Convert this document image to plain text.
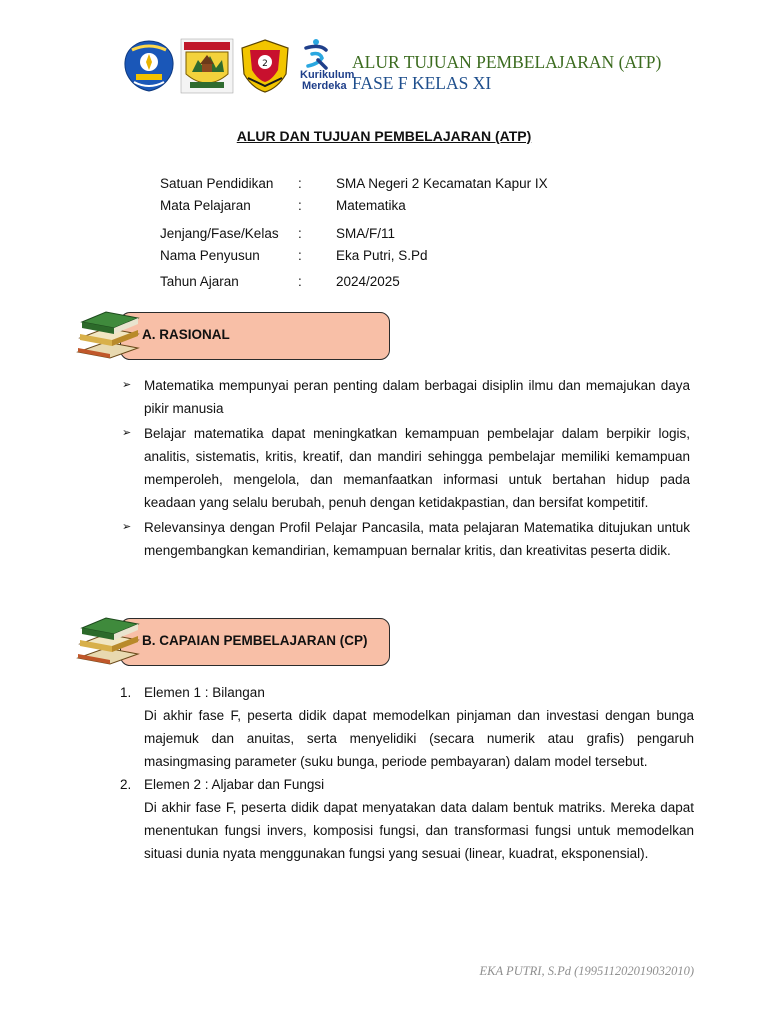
2
Kurikulum
Merdeka
ALUR TUJUAN PEMBELAJARAN (ATP)
FASE F KELAS XI
ALUR DAN TUJUAN PEMBELAJARAN (ATP)
Satuan Pendidikan :	SMA Negeri 2 Kecamatan Kapur IX
Mata Pelajaran	:	Matematika
Jenjang/Fase/Kelas :	SMA/F/11
Nama Penyusun	:	Eka Putri, S.Pd
Tahun Ajaran	:	2024/2025
A. RASIONAL
➢ Matematika mempunyai peran penting dalam berbagai disiplin ilmu dan memajukan daya pikir manusia
➢ Belajar matematika dapat meningkatkan kemampuan pembelajar dalam berpikir logis, analitis, sistematis, kritis, kreatif, dan mandiri sehingga pembelajar memiliki kemampuan memperoleh, mengelola, dan memanfaatkan informasi untuk bertahan hidup pada keadaan yang selalu berubah, penuh dengan ketidakpastian, dan bersifat kompetitif.
➢ Relevansinya dengan Profil Pelajar Pancasila, mata pelajaran Matematika ditujukan untuk mengembangkan kemandirian, kemampuan bernalar kritis, dan kreativitas peserta didik.
B. CAPAIAN PEMBELAJARAN (CP)
1. Elemen 1 : Bilangan
Di akhir fase F, peserta didik dapat memodelkan pinjaman dan investasi dengan bunga majemuk dan anuitas, serta menyelidiki (secara numerik atau grafis) pengaruh masingmasing parameter (suku bunga, periode pembayaran) dalam model tersebut.
2. Elemen 2 : Aljabar dan Fungsi
Di akhir fase F, peserta didik dapat menyatakan data dalam bentuk matriks. Mereka dapat menentukan fungsi invers, komposisi fungsi, dan transformasi fungsi untuk memodelkan situasi dunia nyata menggunakan fungsi yang sesuai (linear, kuadrat, eksponensial).
EKA PUTRI, S.Pd (199511202019032010)
